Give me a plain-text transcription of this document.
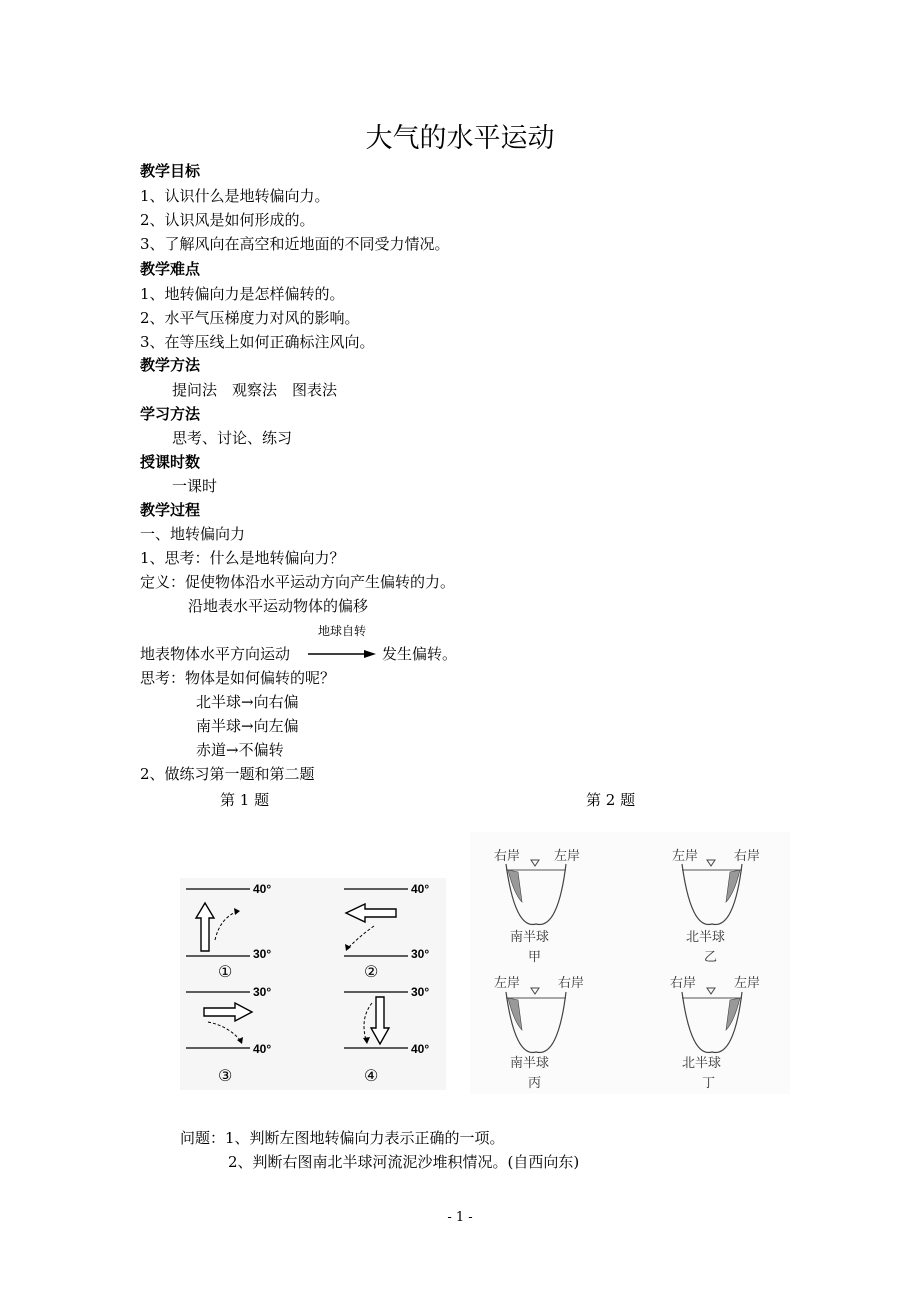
大气的水平运动
教学目标
1、认识什么是地转偏向力。
2、认识风是如何形成的。
3、了解风向在高空和近地面的不同受力情况。
教学难点
1、地转偏向力是怎样偏转的。
2、水平气压梯度力对风的影响。
3、在等压线上如何正确标注风向。
教学方法
提问法　观察法　图表法
学习方法
思考、讨论、练习
授课时数
一课时
教学过程
一、地转偏向力
1、思考：什么是地转偏向力？
定义：促使物体沿水平运动方向产生偏转的力。
沿地表水平运动物体的偏移
地球自转
地表物体水平方向运动	发生偏转。
思考：物体是如何偏转的呢？
北半球→向右偏
南半球→向左偏
赤道→不偏转
2、做练习第一题和第二题
第 1 题	第 2 题
40°
30°
①
40°
30°
②
30°
40°
③
30°
40°
④
右岸	左岸
南半球
甲
左岸	右岸
北半球
乙
左岸	右岸
南半球
丙
右岸	左岸
北半球
丁
问题：1、判断左图地转偏向力表示正确的一项。
2、判断右图南北半球河流泥沙堆积情况。(自西向东)
- 1 -
